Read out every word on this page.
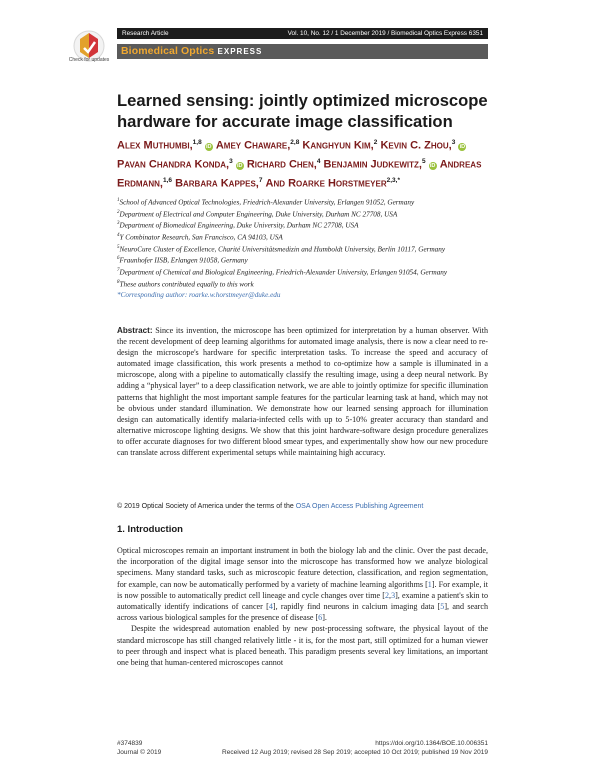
Check for updates
Research Article	Vol. 10, No. 12 / 1 December 2019 / Biomedical Optics Express 6351
Biomedical Optics EXPRESS
Learned sensing: jointly optimized microscope hardware for accurate image classification
Alex Muthumbi,$^{1,8}$ iD Amey Chaware,$^{2,8}$ Kanghyun Kim,$^2$ Kevin C. Zhou,$^3$ iD Pavan Chandra Konda,$^3$ iD Richard Chen,$^4$ Benjamin Judkewitz,$^5$ iD Andreas Erdmann,$^{1,6}$ Barbara Kappes,$^7$ And Roarke Horstmeyer$^{2,3,*}$
$^1$School of Advanced Optical Technologies, Friedrich-Alexander University, Erlangen 91052, Germany
$^2$Department of Electrical and Computer Engineering, Duke University, Durham NC 27708, USA
$^3$Department of Biomedical Engineering, Duke University, Durham NC 27708, USA
$^4$Y Combinator Research, San Francisco, CA 94103, USA
$^5$NeuroCure Cluster of Excellence, Charité Universitätsmedizin and Humboldt University, Berlin 10117, Germany
$^6$Fraunhofer IISB, Erlangen 91058, Germany
$^7$Department of Chemical and Biological Engineering, Friedrich-Alexander University, Erlangen 91054, Germany
$^8$These authors contributed equally to this work
*Corresponding author: roarke.w.horstmeyer@duke.edu
Abstract: Since its invention, the microscope has been optimized for interpretation by a human observer. With the recent development of deep learning algorithms for automated image analysis, there is now a clear need to re-design the microscope's hardware for specific interpretation tasks. To increase the speed and accuracy of automated image classification, this work presents a method to co-optimize how a sample is illuminated in a microscope, along with a pipeline to automatically classify the resulting image, using a deep neural network. By adding a “physical layer” to a deep classification network, we are able to jointly optimize for specific illumination patterns that highlight the most important sample features for the particular learning task at hand, which may not be obvious under standard illumination. We demonstrate how our learned sensing approach for illumination design can automatically identify malaria-infected cells with up to 5-10% greater accuracy than standard and alternative microscope lighting designs. We show that this joint hardware-software design procedure generalizes to offer accurate diagnoses for two different blood smear types, and experimentally show how our new procedure can translate across different experimental setups while maintaining high accuracy.
© 2019 Optical Society of America under the terms of the OSA Open Access Publishing Agreement
1. Introduction
Optical microscopes remain an important instrument in both the biology lab and the clinic. Over the past decade, the incorporation of the digital image sensor into the microscope has transformed how we analyze biological specimens. Many standard tasks, such as microscopic feature detection, classification, and region segmentation, for example, can now be automatically performed by a variety of machine learning algorithms [1]. For example, it is now possible to automatically predict cell lineage and cycle changes over time [2,3], examine a patient's skin to automatically identify indications of cancer [4], rapidly find neurons in calcium imaging data [5], and search across various biological samples for the presence of disease [6].
Despite the widespread automation enabled by new post-processing software, the physical layout of the standard microscope has still changed relatively little - it is, for the most part, still optimized for a human viewer to peer through and inspect what is placed beneath. This paradigm presents several key limitations, an important one being that human-centered microscopes cannot
#374839	https://doi.org/10.1364/BOE.10.006351
Journal © 2019	Received 12 Aug 2019; revised 28 Sep 2019; accepted 10 Oct 2019; published 19 Nov 2019
